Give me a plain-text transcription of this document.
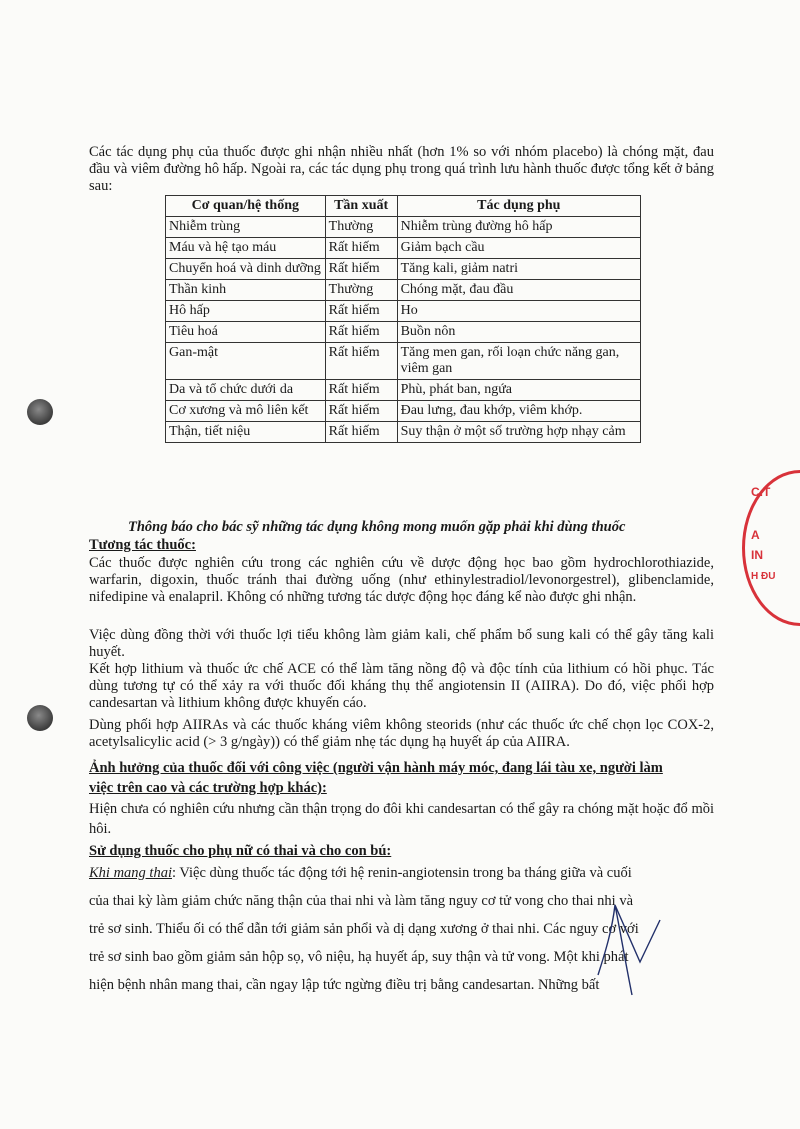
C.T
A
IN
H ĐU
Các tác dụng phụ của thuốc được ghi nhận nhiều nhất (hơn 1% so với nhóm placebo) là chóng mặt, đau đầu và viêm đường hô hấp. Ngoài ra, các tác dụng phụ trong quá trình lưu hành thuốc được tổng kết ở bảng sau:
Cơ quan/hệ thống	Tần xuất	Tác dụng phụ
Nhiễm trùng	Thường	Nhiễm trùng đường hô hấp
Máu và hệ tạo máu	Rất hiếm	Giảm bạch cầu
Chuyển hoá và dinh dưỡng	Rất hiếm	Tăng kali, giảm natri
Thần kinh	Thường	Chóng mặt, đau đầu
Hô hấp	Rất hiếm	Ho
Tiêu hoá	Rất hiếm	Buồn nôn
Gan-mật	Rất hiếm	Tăng men gan, rối loạn chức năng gan, viêm gan
Da và tổ chức dưới da	Rất hiếm	Phù, phát ban, ngứa
Cơ xương và mô liên kết	Rất hiếm	Đau lưng, đau khớp, viêm khớp.
Thận, tiết niệu	Rất hiếm	Suy thận ở một số trường hợp nhạy cảm
Thông báo cho bác sỹ những tác dụng không mong muốn gặp phải khi dùng thuốc
Tương tác thuốc:
Các thuốc được nghiên cứu trong các nghiên cứu về dược động học bao gồm hydrochlorothiazide, warfarin, digoxin, thuốc tránh thai đường uống (như ethinylestradiol/levonorgestrel), glibenclamide, nifedipine và enalapril. Không có những tương tác dược động học đáng kể nào được ghi nhận.
Việc dùng đồng thời với thuốc lợi tiểu không làm giảm kali, chế phẩm bổ sung kali có thể gây tăng kali huyết.
Kết hợp lithium và thuốc ức chế ACE có thể làm tăng nồng độ và độc tính của lithium có hồi phục. Tác dùng tương tự có thể xảy ra với thuốc đối kháng thụ thể angiotensin II (AIIRA). Do đó, việc phối hợp candesartan và lithium không được khuyến cáo.
Dùng phối hợp AIIRAs và các thuốc kháng viêm không steorids (như các thuốc ức chế chọn lọc COX-2, acetylsalicylic acid (> 3 g/ngày)) có thể giảm nhẹ tác dụng hạ huyết áp của AIIRA.
Ảnh hưởng của thuốc đối với công việc (người vận hành máy móc, đang lái tàu xe, người làm
việc trên cao và các trường hợp khác):
Hiện chưa có nghiên cứu nhưng cần thận trọng do đôi khi candesartan có thể gây ra chóng mặt hoặc đổ mồi hôi.
Sử dụng thuốc cho phụ nữ có thai và cho con bú:
Khi mang thai: Việc dùng thuốc tác động tới hệ renin-angiotensin trong ba tháng giữa và cuối
của thai kỳ làm giảm chức năng thận của thai nhi và làm tăng nguy cơ tử vong cho thai nhi và
trẻ sơ sinh. Thiểu ối có thể dẫn tới giảm sản phổi và dị dạng xương ở thai nhi. Các nguy cơ với
trẻ sơ sinh bao gồm giảm sản hộp sọ, vô niệu, hạ huyết áp, suy thận và tử vong. Một khi phát
hiện bệnh nhân mang thai, cần ngay lập tức ngừng điều trị bằng candesartan. Những bất
